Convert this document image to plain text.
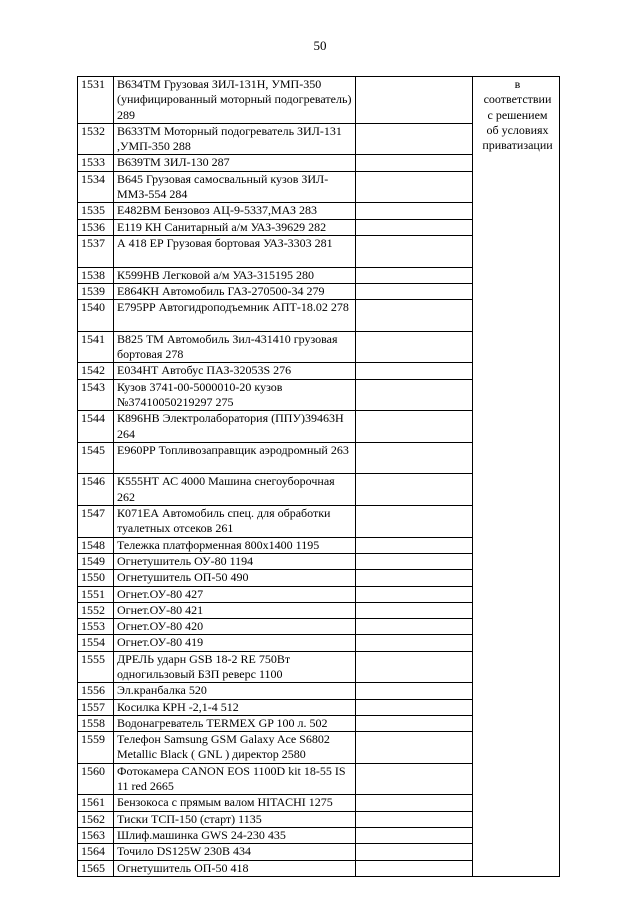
50
1531	В634ТМ Грузовая ЗИЛ-131Н, УМП-350 (унифицированный моторный подогреватель) 289		в
соответствии
с решением
об условиях
приватизации

1532	В633ТМ Моторный подогреватель ЗИЛ-131 ,УМП-350 288		
1533	В639ТМ ЗИЛ-130 287		
1534	В645 Грузовая самосвальный кузов ЗИЛ-ММЗ-554 284		
1535	Е482ВМ Бензовоз АЦ-9-5337,МАЗ 283		
1536	Е119 КН Санитарный а/м УАЗ-39629 282		
1537	А 418 ЕР Грузовая бортовая УАЗ-3303 281		
1538	К599НВ Легковой а/м УАЗ-315195 280		
1539	Е864КН Автомобиль ГАЗ-270500-34 279		
1540	Е795РР Автогидроподъемник АПТ-18.02 278		
1541	В825 ТМ Автомобиль Зил-431410 грузовая бортовая 278		
1542	Е034НТ Автобус ПАЗ-32053S 276		
1543	Кузов 3741-00-5000010-20 кузов №37410050219297 275		
1544	К896НВ Электролаборатория (ППУ)39463Н 264		
1545	Е960РР Топливозаправщик аэродромный 263		
1546	К555НТ АС 4000 Машина снегоуборочная 262		
1547	К071ЕА Автомобиль спец. для обработки туалетных отсеков 261		
1548	Тележка платформенная 800х1400 1195		
1549	Огнетушитель ОУ-80 1194		
1550	Огнетушитель ОП-50 490		
1551	Огнет.ОУ-80 427		
1552	Огнет.ОУ-80 421		
1553	Огнет.ОУ-80 420		
1554	Огнет.ОУ-80 419		
1555	ДРЕЛЬ ударн GSB 18-2 RE 750Вт одногильзовый БЗП реверс 1100		
1556	Эл.кранбалка 520		
1557	Косилка КРН -2,1-4 512		
1558	Водонагреватель TERMEX GP 100 л. 502		
1559	Телефон Samsung GSM Galaxy Ace S6802 Metallic Black ( GNL ) директор 2580		
1560	Фотокамера CANON EOS 1100D kit 18-55 IS 11 red 2665		
1561	Бензокоса с прямым валом HITACHI 1275		
1562	Тиски ТСП-150 (старт) 1135		
1563	Шлиф.машинка GWS 24-230 435		
1564	Точило DS125W 230В 434		
1565	Огнетушитель ОП-50 418		
